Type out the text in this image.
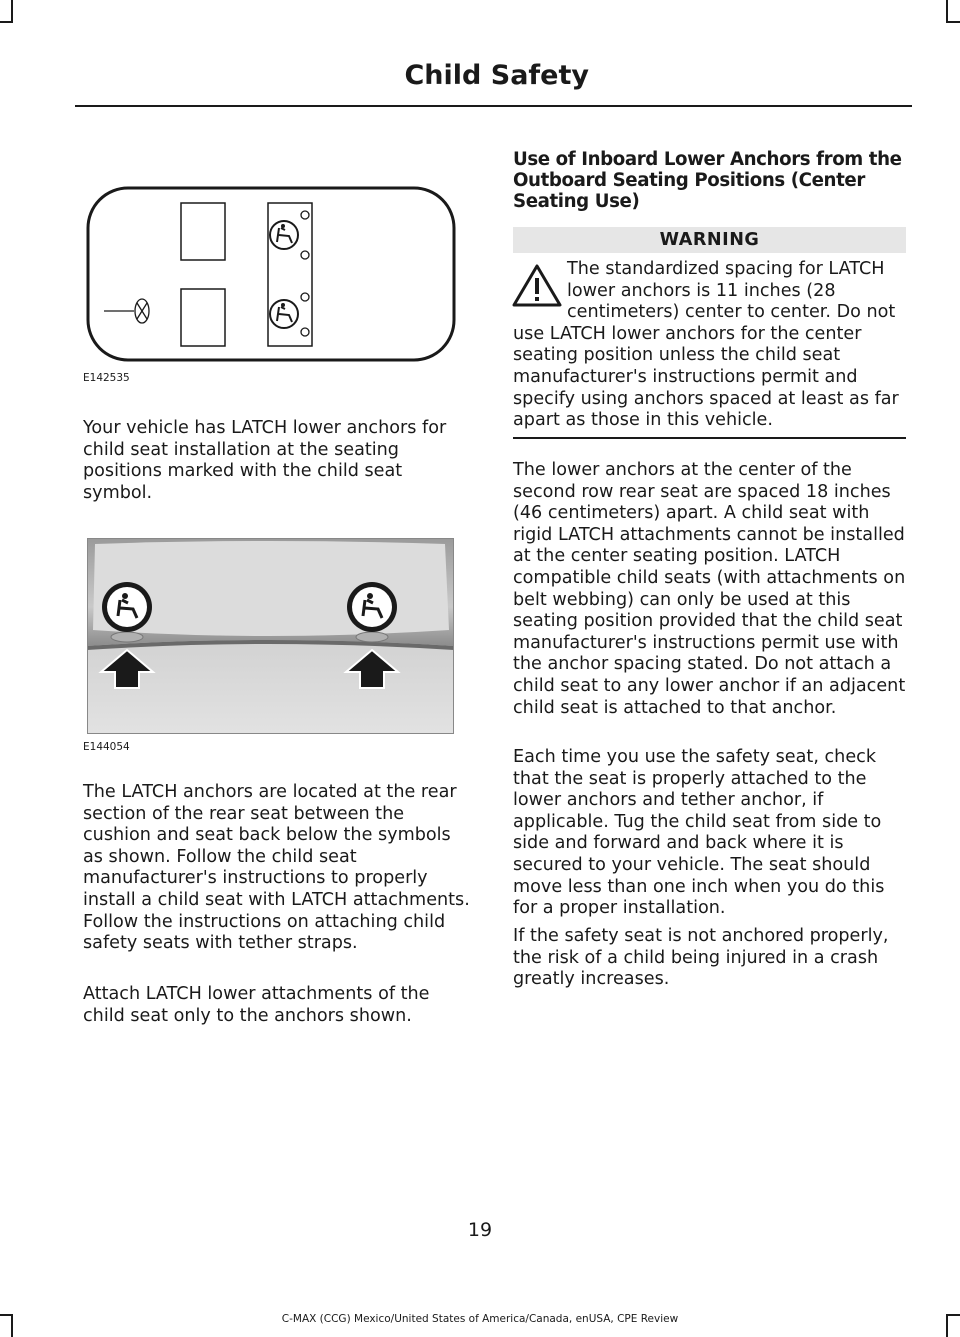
Child Safety
E142535

Your vehicle has LATCH lower anchors for child seat installation at the seating positions marked with the child seat symbol.

E144054

The LATCH anchors are located at the rear section of the rear seat between the cushion and seat back below the symbols as shown. Follow the child seat manufacturer's instructions to properly install a child seat with LATCH attachments. Follow the instructions on attaching child safety seats with tether straps.

Attach LATCH lower attachments of the child seat only to the anchors shown.

Use of Inboard Lower Anchors from the Outboard Seating Positions (Center Seating Use)
WARNING

The standardized spacing for LATCH lower anchors is 11 inches (28 centimeters) center to center. Do not use LATCH lower anchors for the center seating position unless the child seat manufacturer's instructions permit and specify using anchors spaced at least as far apart as those in this vehicle.

The lower anchors at the center of the second row rear seat are spaced 18 inches (46 centimeters) apart. A child seat with rigid LATCH attachments cannot be installed at the center seating position. LATCH compatible child seats (with attachments on belt webbing) can only be used at this seating position provided that the child seat manufacturer's instructions permit use with the anchor spacing stated. Do not attach a child seat to any lower anchor if an adjacent child seat is attached to that anchor.

Each time you use the safety seat, check that the seat is properly attached to the lower anchors and tether anchor, if applicable. Tug the child seat from side to side and forward and back where it is secured to your vehicle. The seat should move less than one inch when you do this for a proper installation.

If the safety seat is not anchored properly, the risk of a child being injured in a crash greatly increases.

19
C-MAX (CCG) Mexico/United States of America/Canada, enUSA, CPE Review
